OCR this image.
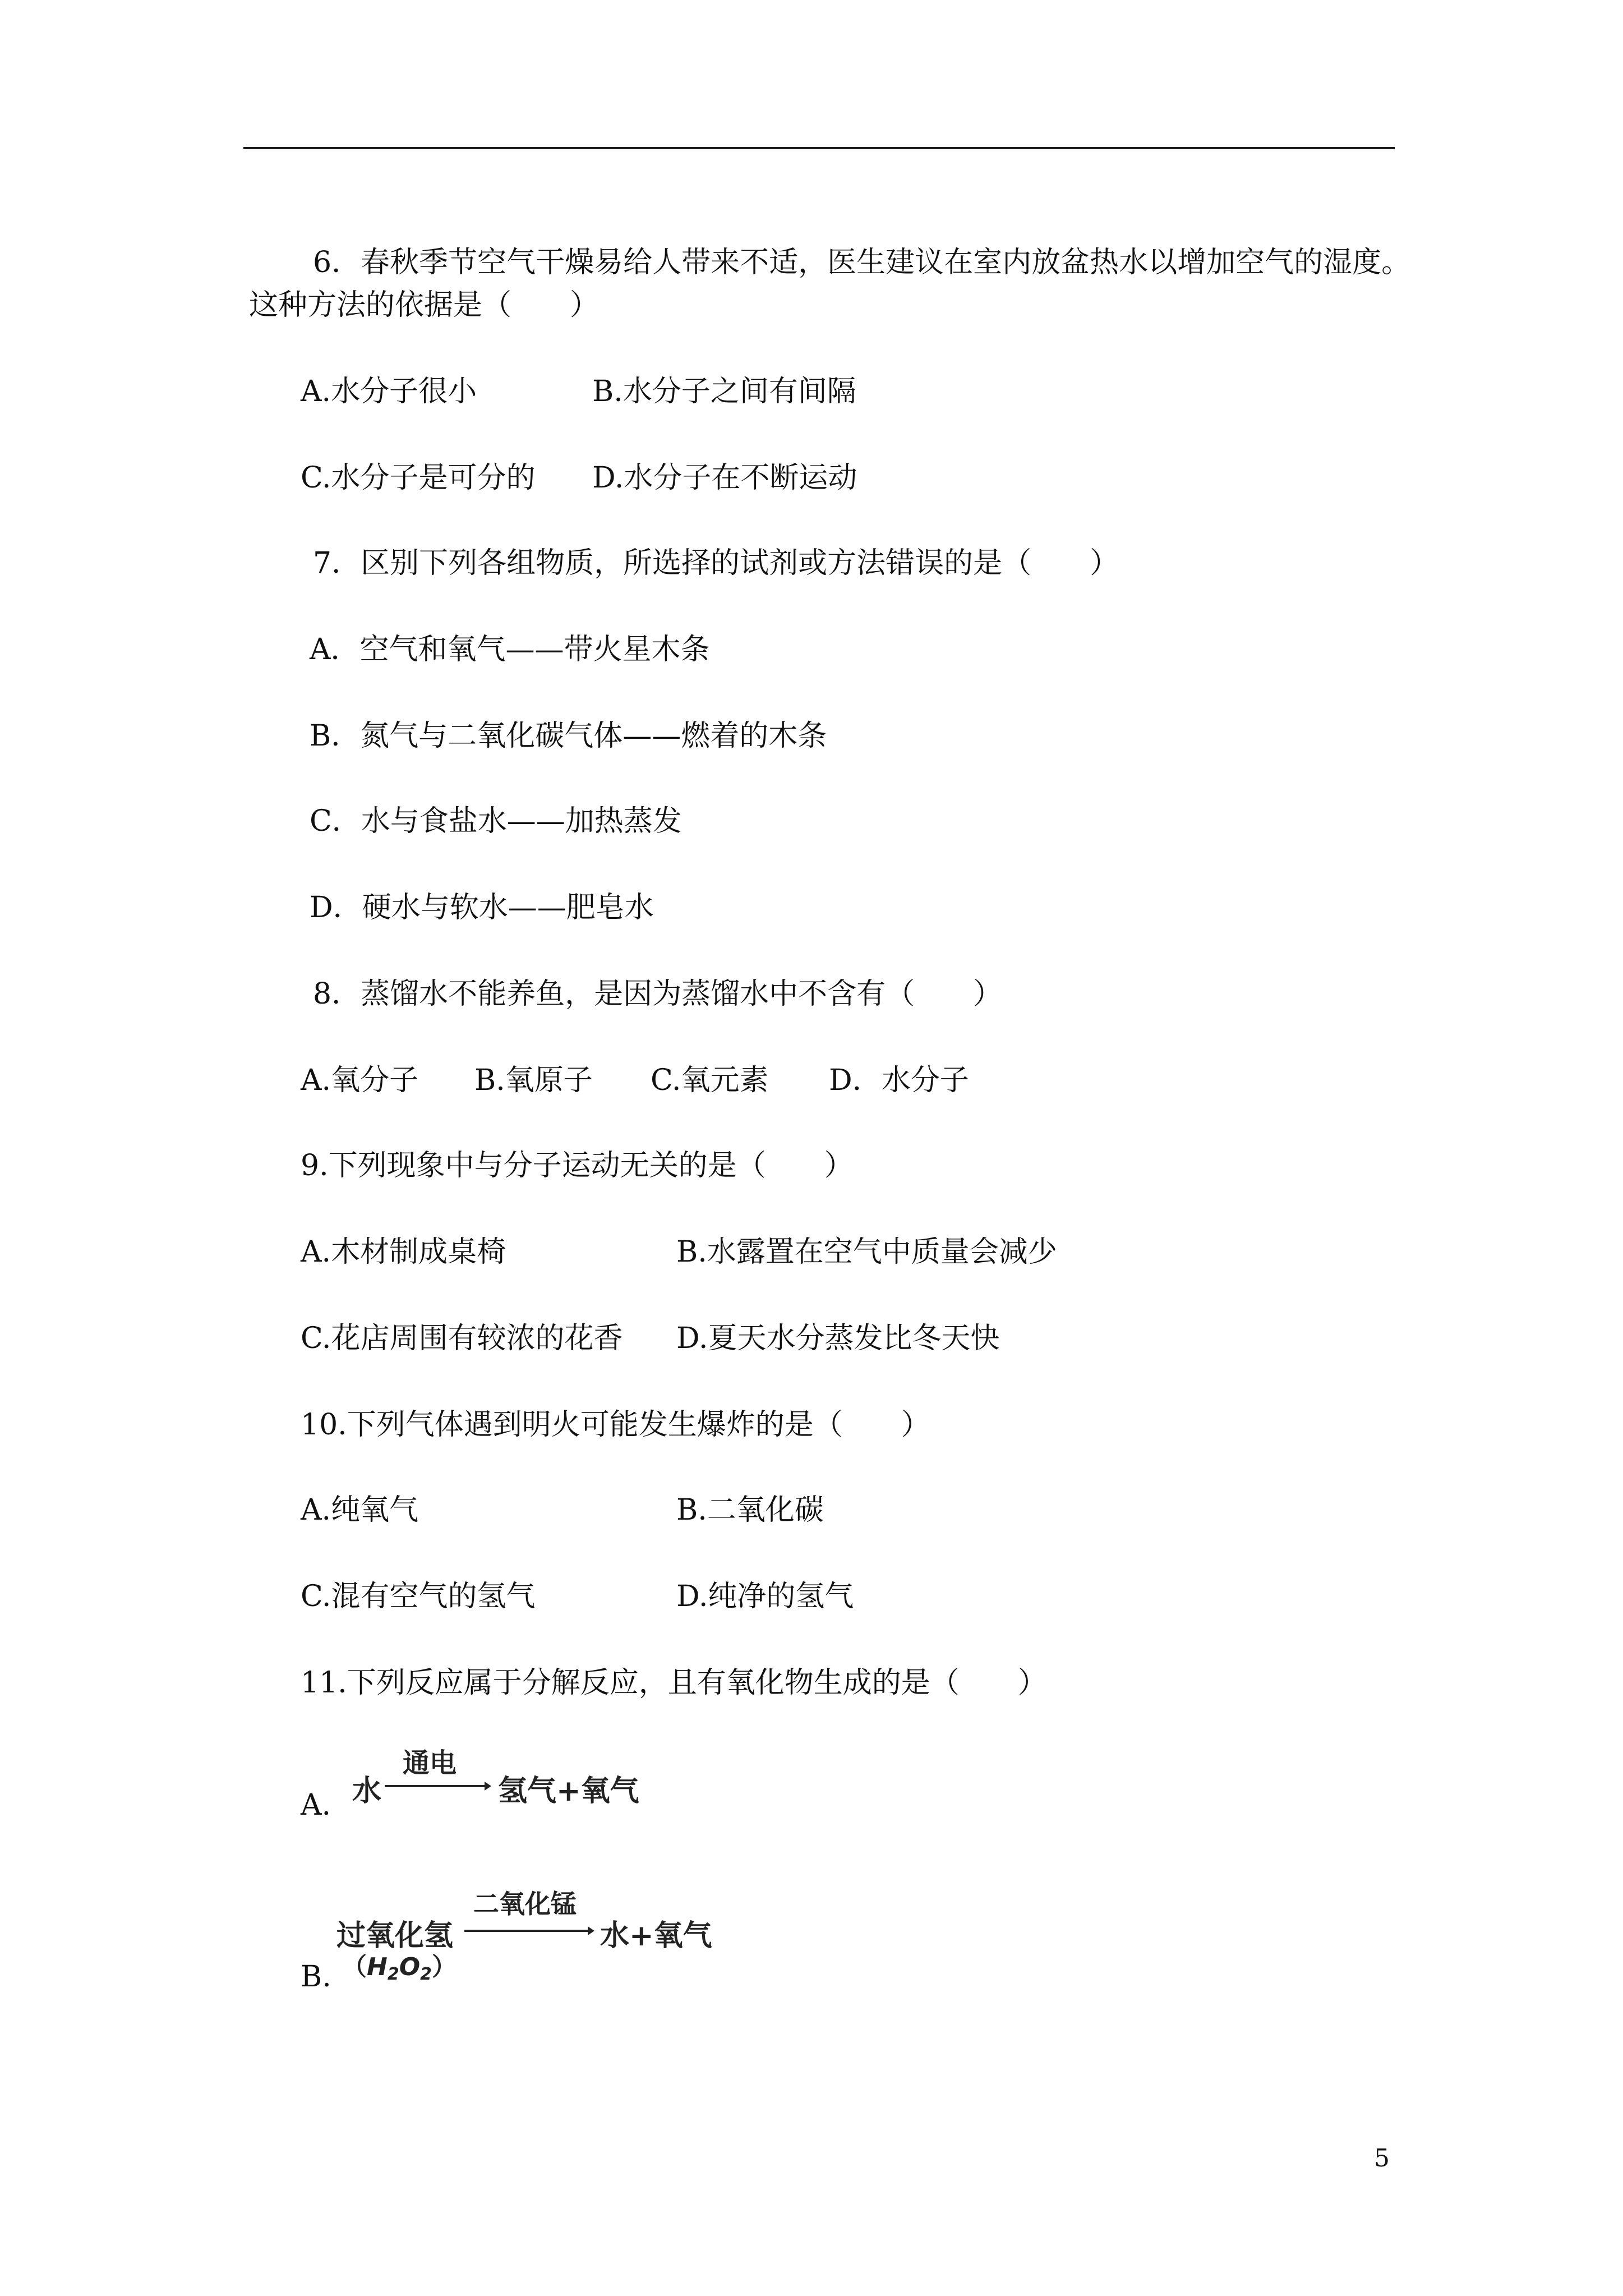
6．春秋季节空气干燥易给人带来不适，医生建议在室内放盆热水以增加空气的湿度。
这种方法的依据是（　　）
A.水分子很小	B.水分子之间有间隔
C.水分子是可分的 D.水分子在不断运动
7．区别下列各组物质，所选择的试剂或方法错误的是（　　）
A．空气和氧气——带火星木条
B．氮气与二氧化碳气体——燃着的木条
C．水与食盐水——加热蒸发
D．硬水与软水——肥皂水
8．蒸馏水不能养鱼，是因为蒸馏水中不含有（　　）
A.氧分子 B.氧原子 C.氧元素 D．水分子
9.下列现象中与分子运动无关的是（　　）
A.木材制成桌椅	B.水露置在空气中质量会减少
C.花店周围有较浓的花香 D.夏天水分蒸发比冬天快
10.下列气体遇到明火可能发生爆炸的是（　　）
A.纯氧气	B.二氧化碳
C.混有空气的氢气	D.纯净的氢气
11.下列反应属于分解反应，且有氧化物生成的是（　　）
A. 水
通电
氢气+氧气
B.
过氧化氢
$(H_2O_2)$
二氧化锰
水+氧气
5
